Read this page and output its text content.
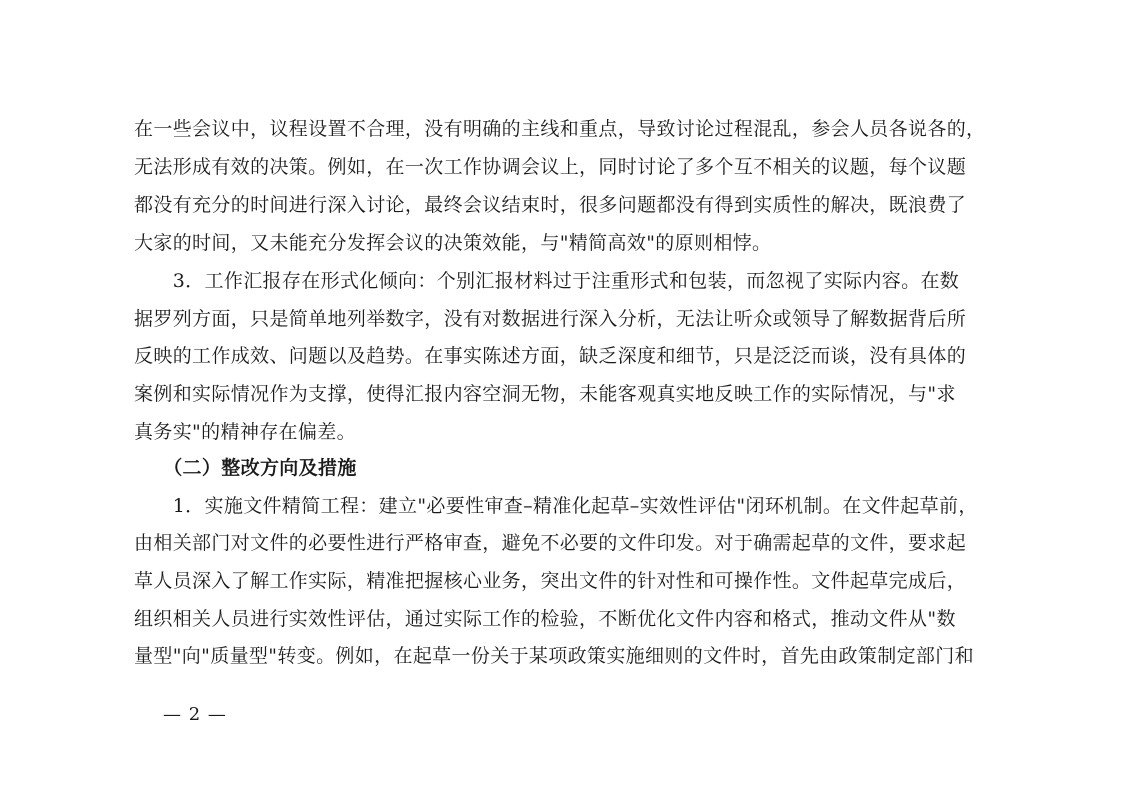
在一些会议中，议程设置不合理，没有明确的主线和重点，导致讨论过程混乱，参会人员各说各的，
无法形成有效的决策。例如，在一次工作协调会议上，同时讨论了多个互不相关的议题，每个议题
都没有充分的时间进行深入讨论，最终会议结束时，很多问题都没有得到实质性的解决，既浪费了
大家的时间，又未能充分发挥会议的决策效能，与"精简高效"的原则相悖。
　　3．工作汇报存在形式化倾向：个别汇报材料过于注重形式和包装，而忽视了实际内容。在数
据罗列方面，只是简单地列举数字，没有对数据进行深入分析，无法让听众或领导了解数据背后所
反映的工作成效、问题以及趋势。在事实陈述方面，缺乏深度和细节，只是泛泛而谈，没有具体的
案例和实际情况作为支撑，使得汇报内容空洞无物，未能客观真实地反映工作的实际情况，与"求
真务实"的精神存在偏差。
　　（二）整改方向及措施
　　1．实施文件精简工程：建立"必要性审查–精准化起草–实效性评估"闭环机制。在文件起草前，
由相关部门对文件的必要性进行严格审查，避免不必要的文件印发。对于确需起草的文件，要求起
草人员深入了解工作实际，精准把握核心业务，突出文件的针对性和可操作性。文件起草完成后，
组织相关人员进行实效性评估，通过实际工作的检验，不断优化文件内容和格式，推动文件从"数
量型"向"质量型"转变。例如，在起草一份关于某项政策实施细则的文件时，首先由政策制定部门和
— 2 —
